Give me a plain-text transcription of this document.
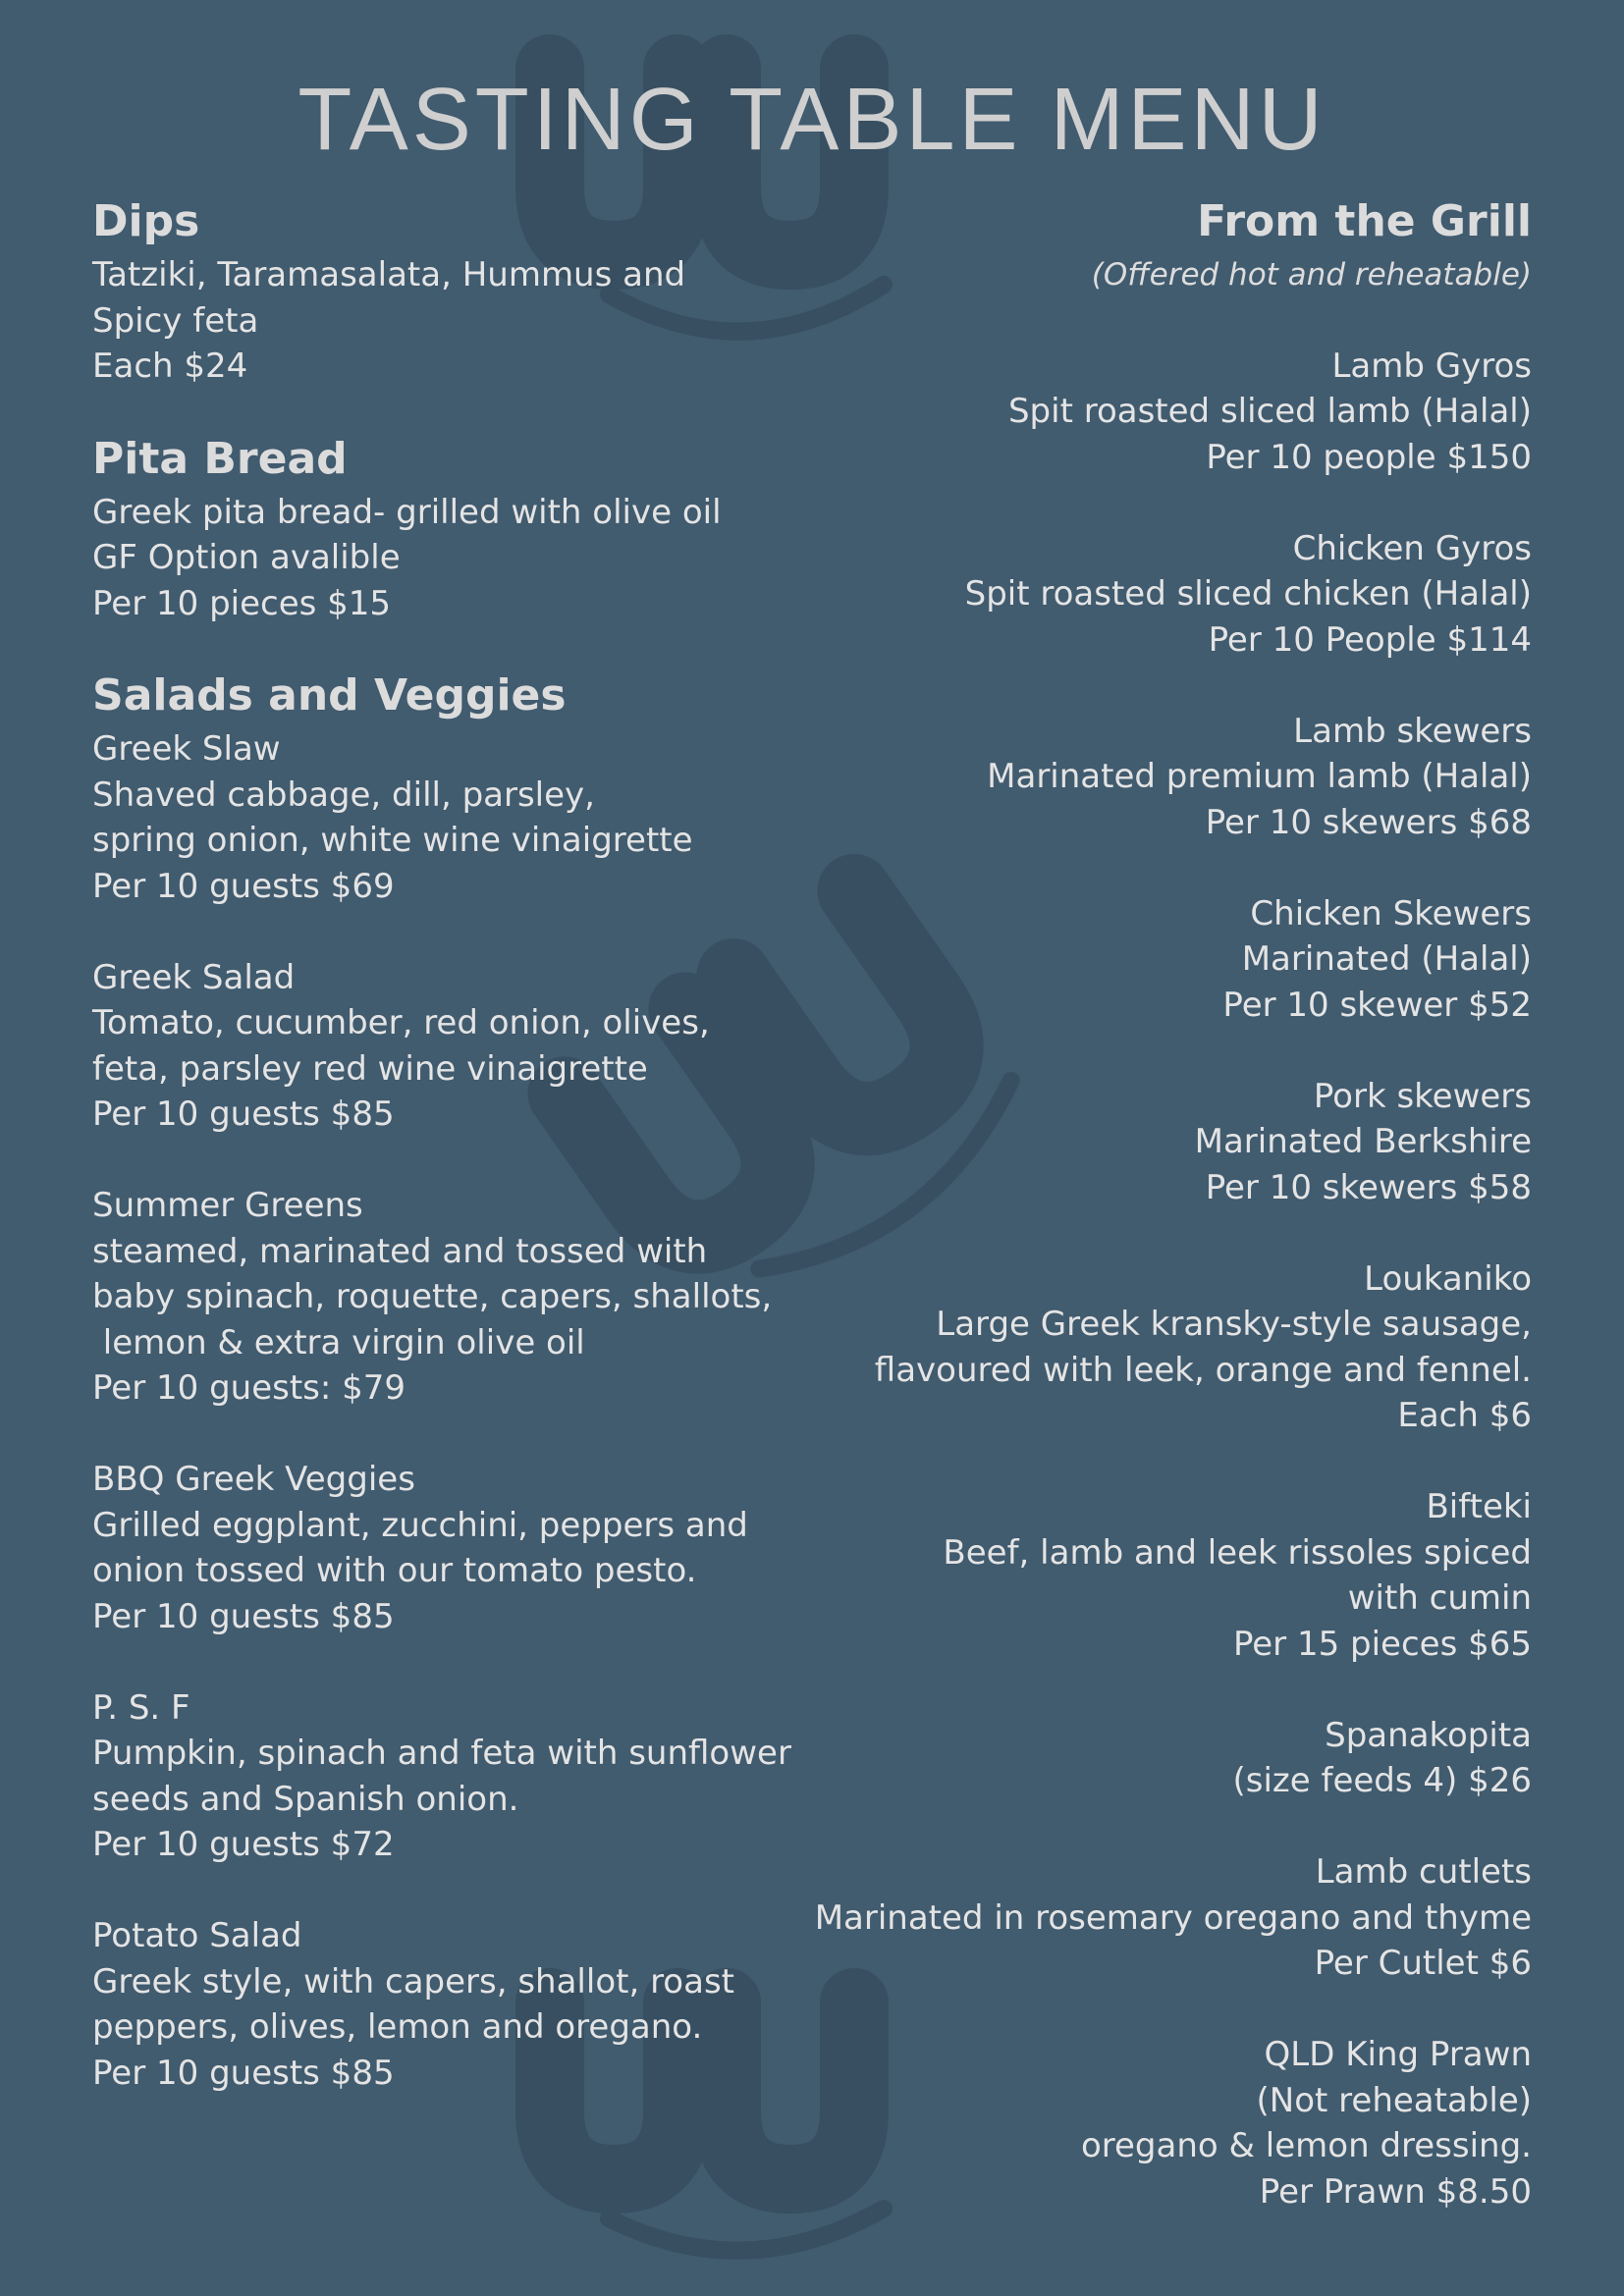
TASTING TABLE MENU
Dips
Tatziki, Taramasalata, Hummus and
Spicy feta
Each $24
Pita Bread
Greek pita bread- grilled with olive oil
GF Option avalible
Per 10 pieces $15
Salads and Veggies
Greek Slaw
Shaved cabbage, dill, parsley,
spring onion, white wine vinaigrette
Per 10 guests $69
Greek Salad
Tomato, cucumber, red onion, olives,
feta, parsley red wine vinaigrette
Per 10 guests $85
Summer Greens
steamed, marinated and tossed with
baby spinach, roquette, capers, shallots,
lemon & extra virgin olive oil
Per 10 guests: $79
BBQ Greek Veggies
Grilled eggplant, zucchini, peppers and
onion tossed with our tomato pesto.
Per 10 guests $85
P. S. F
Pumpkin, spinach and feta with sunflower
seeds and Spanish onion.
Per 10 guests $72
Potato Salad
Greek style, with capers, shallot, roast
peppers, olives, lemon and oregano.
Per 10 guests $85
From the Grill

(Offered hot and reheatable)

Lamb Gyros
Spit roasted sliced lamb (Halal)
Per 10 people $150
Chicken Gyros
Spit roasted sliced chicken (Halal)
Per 10 People $114
Lamb skewers
Marinated premium lamb (Halal)
Per 10 skewers $68
Chicken Skewers
Marinated (Halal)
Per 10 skewer $52
Pork skewers
Marinated Berkshire
Per 10 skewers $58
Loukaniko
Large Greek kransky-style sausage,
flavoured with leek, orange and fennel.
Each $6
Bifteki
Beef, lamb and leek rissoles spiced
with cumin
Per 15 pieces $65
Spanakopita
(size feeds 4) $26
Lamb cutlets
Marinated in rosemary oregano and thyme
Per Cutlet $6
QLD King Prawn
(Not reheatable)
oregano & lemon dressing.
Per Prawn $8.50
